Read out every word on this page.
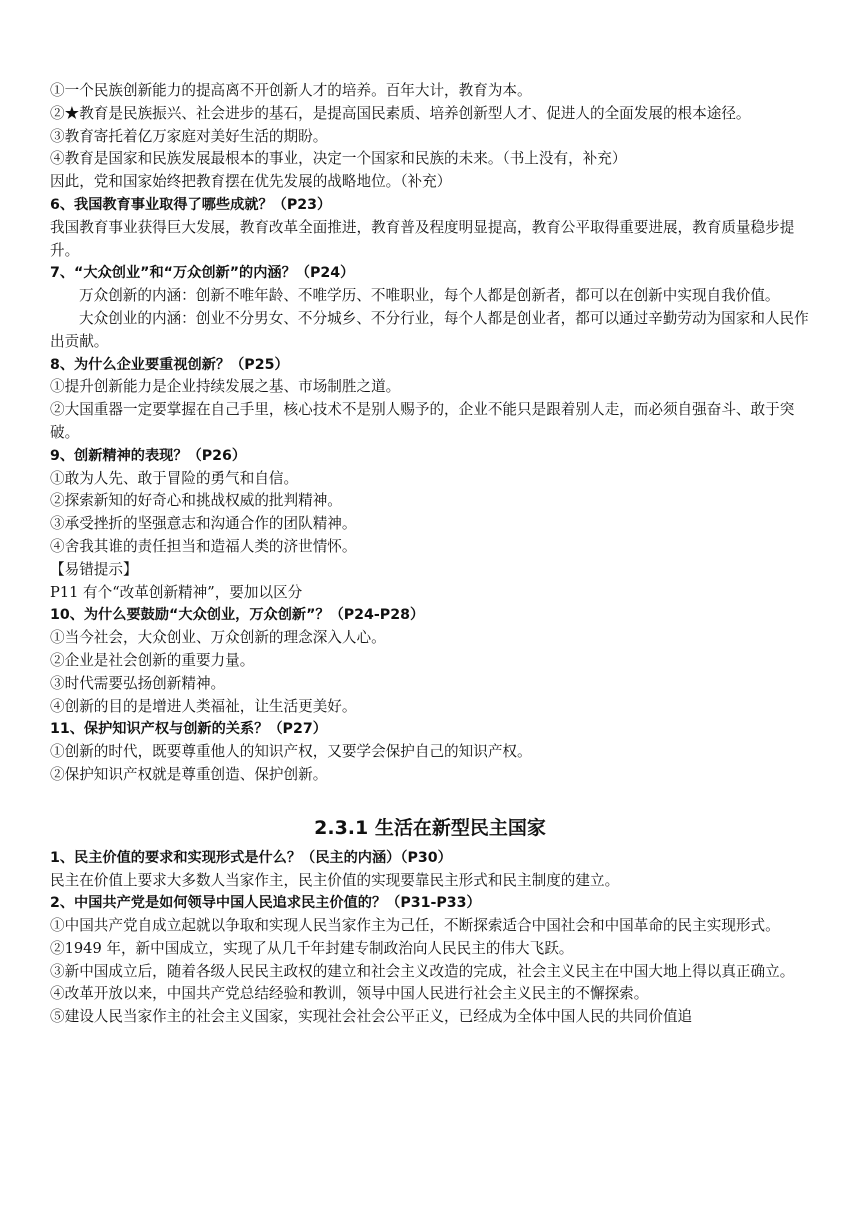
①一个民族创新能力的提高离不开创新人才的培养。百年大计，教育为本。

②★教育是民族振兴、社会进步的基石，是提高国民素质、培养创新型人才、促进人的全面发展的根本途径。

③教育寄托着亿万家庭对美好生活的期盼。

④教育是国家和民族发展最根本的事业，决定一个国家和民族的未来。（书上没有，补充）

因此，党和国家始终把教育摆在优先发展的战略地位。（补充）

6、我国教育事业取得了哪些成就？（P23）

我国教育事业获得巨大发展，教育改革全面推进，教育普及程度明显提高，教育公平取得重要进展，教育质量稳步提升。

7、“大众创业”和“万众创新”的内涵？（P24）

万众创新的内涵：创新不唯年龄、不唯学历、不唯职业，每个人都是创新者，都可以在创新中实现自我价值。

大众创业的内涵：创业不分男女、不分城乡、不分行业，每个人都是创业者，都可以通过辛勤劳动为国家和人民作出贡献。

8、为什么企业要重视创新？（P25）

①提升创新能力是企业持续发展之基、市场制胜之道。

②大国重器一定要掌握在自己手里，核心技术不是别人赐予的，企业不能只是跟着别人走，而必须自强奋斗、敢于突破。

9、创新精神的表现？（P26）

①敢为人先、敢于冒险的勇气和自信。

②探索新知的好奇心和挑战权威的批判精神。

③承受挫折的坚强意志和沟通合作的团队精神。

④舍我其谁的责任担当和造福人类的济世情怀。

【易错提示】

P11 有个“改革创新精神”，要加以区分

10、为什么要鼓励“大众创业，万众创新”？（P24-P28）

①当今社会，大众创业、万众创新的理念深入人心。

②企业是社会创新的重要力量。

③时代需要弘扬创新精神。

④创新的目的是增进人类福祉，让生活更美好。

11、保护知识产权与创新的关系？（P27）

①创新的时代，既要尊重他人的知识产权，又要学会保护自己的知识产权。

②保护知识产权就是尊重创造、保护创新。

2.3.1 生活在新型民主国家

1、民主价值的要求和实现形式是什么？（民主的内涵）（P30）

民主在价值上要求大多数人当家作主，民主价值的实现要靠民主形式和民主制度的建立。

2、中国共产党是如何领导中国人民追求民主价值的？（P31-P33）

①中国共产党自成立起就以争取和实现人民当家作主为己任，不断探索适合中国社会和中国革命的民主实现形式。

②1949 年，新中国成立，实现了从几千年封建专制政治向人民民主的伟大飞跃。

③新中国成立后，随着各级人民民主政权的建立和社会主义改造的完成，社会主义民主在中国大地上得以真正确立。

④改革开放以来，中国共产党总结经验和教训，领导中国人民进行社会主义民主的不懈探索。

⑤建设人民当家作主的社会主义国家，实现社会社会公平正义，已经成为全体中国人民的共同价值追
